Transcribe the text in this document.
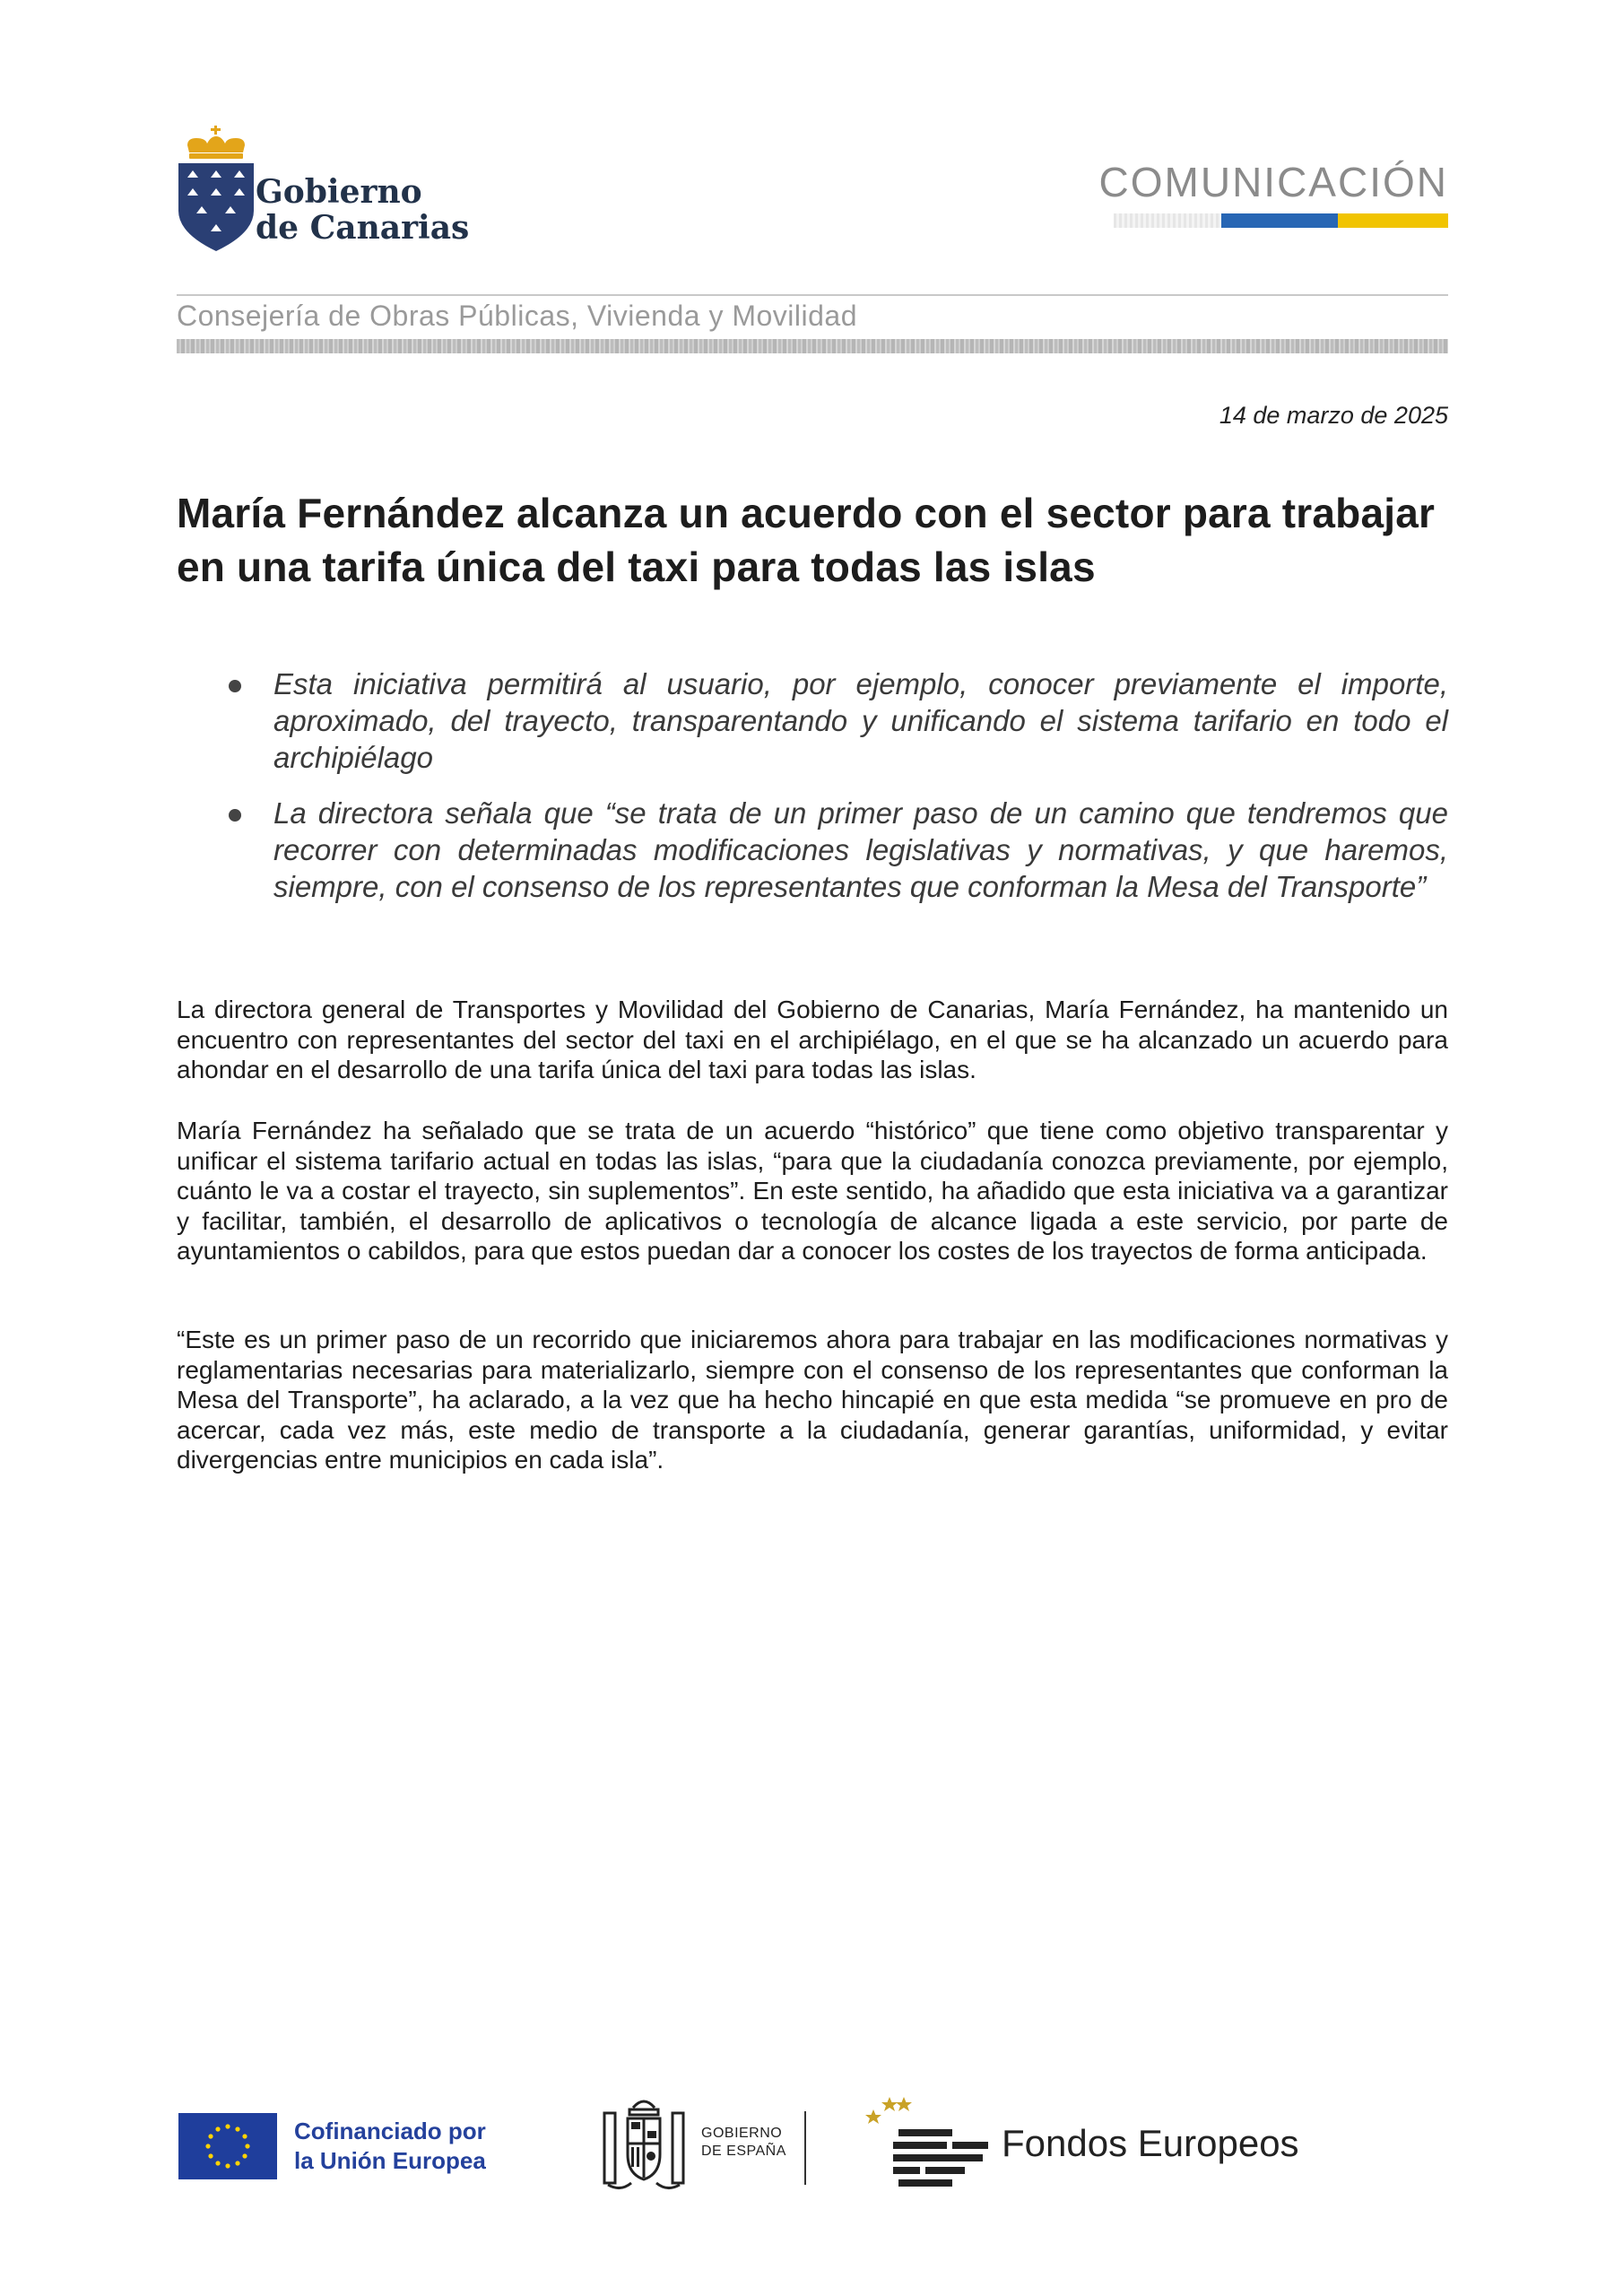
Gobierno
de Canarias
COMUNICACIÓN
Consejería de Obras Públicas, Vivienda y Movilidad
14 de marzo de 2025
María Fernández alcanza un acuerdo con el sector para trabajar en una tarifa única del taxi para todas las islas
Esta iniciativa permitirá al usuario, por ejemplo, conocer previamente el importe, aproximado, del trayecto, transparentando y unificando el sistema tarifario en todo el archipiélago
La directora señala que “se trata de un primer paso de un camino que tendremos que recorrer con determinadas modificaciones legislativas y normativas, y que haremos, siempre, con el consenso de los representantes que conforman la Mesa del Transporte”
La directora general de Transportes y Movilidad del Gobierno de Canarias, María Fernández, ha mantenido un encuentro con representantes del sector del taxi en el archipiélago, en el que se ha alcanzado un acuerdo para ahondar en el desarrollo de una tarifa única del taxi para todas las islas.
María Fernández ha señalado que se trata de un acuerdo “histórico” que tiene como objetivo transparentar y unificar el sistema tarifario actual en todas las islas, “para que la ciudadanía conozca previamente, por ejemplo, cuánto le va a costar el trayecto, sin suplementos”. En este sentido, ha añadido que esta iniciativa va a garantizar y facilitar, también, el desarrollo de aplicativos o tecnología de alcance ligada a este servicio, por parte de ayuntamientos o cabildos, para que estos puedan dar a conocer los costes de los trayectos de forma anticipada.
“Este es un primer paso de un recorrido que iniciaremos ahora para trabajar en las modificaciones normativas y reglamentarias necesarias para materializarlo, siempre con el consenso de los representantes que conforman la Mesa del Transporte”, ha aclarado, a la vez que ha hecho hincapié en que esta medida “se promueve en pro de acercar, cada vez más, este medio de transporte a la ciudadanía, generar garantías, uniformidad, y evitar divergencias entre municipios en cada isla”.
Cofinanciado por
la Unión Europea
GOBIERNO
DE ESPAÑA	Fondos Europeos
